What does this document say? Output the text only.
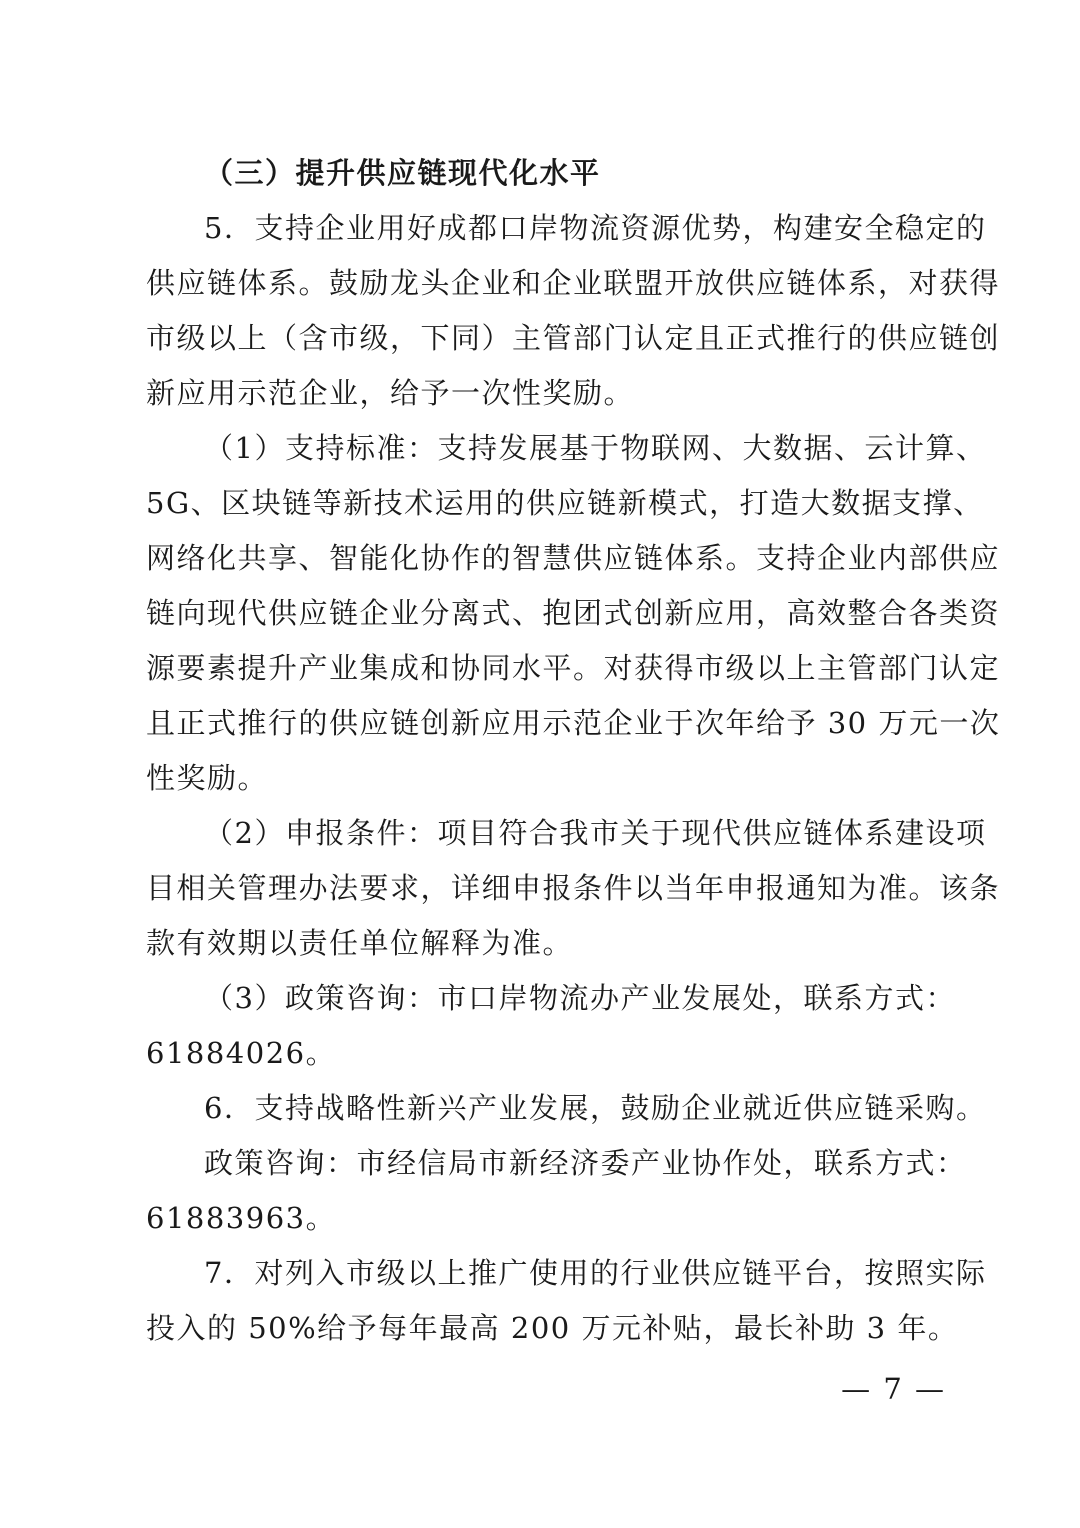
（三）提升供应链现代化水平
5．支持企业用好成都口岸物流资源优势，构建安全稳定的
供应链体系。鼓励龙头企业和企业联盟开放供应链体系，对获得
市级以上（含市级，下同）主管部门认定且正式推行的供应链创
新应用示范企业，给予一次性奖励。
（1）支持标准：支持发展基于物联网、大数据、云计算、
5G、区块链等新技术运用的供应链新模式，打造大数据支撑、
网络化共享、智能化协作的智慧供应链体系。支持企业内部供应
链向现代供应链企业分离式、抱团式创新应用，高效整合各类资
源要素提升产业集成和协同水平。对获得市级以上主管部门认定
且正式推行的供应链创新应用示范企业于次年给予 30 万元一次
性奖励。
（2）申报条件：项目符合我市关于现代供应链体系建设项
目相关管理办法要求，详细申报条件以当年申报通知为准。该条
款有效期以责任单位解释为准。
（3）政策咨询：市口岸物流办产业发展处，联系方式：
61884026。
6．支持战略性新兴产业发展，鼓励企业就近供应链采购。
政策咨询：市经信局市新经济委产业协作处，联系方式：
61883963。
7．对列入市级以上推广使用的行业供应链平台，按照实际
投入的 50%给予每年最高 200 万元补贴，最长补助 3 年。
— 7 —
